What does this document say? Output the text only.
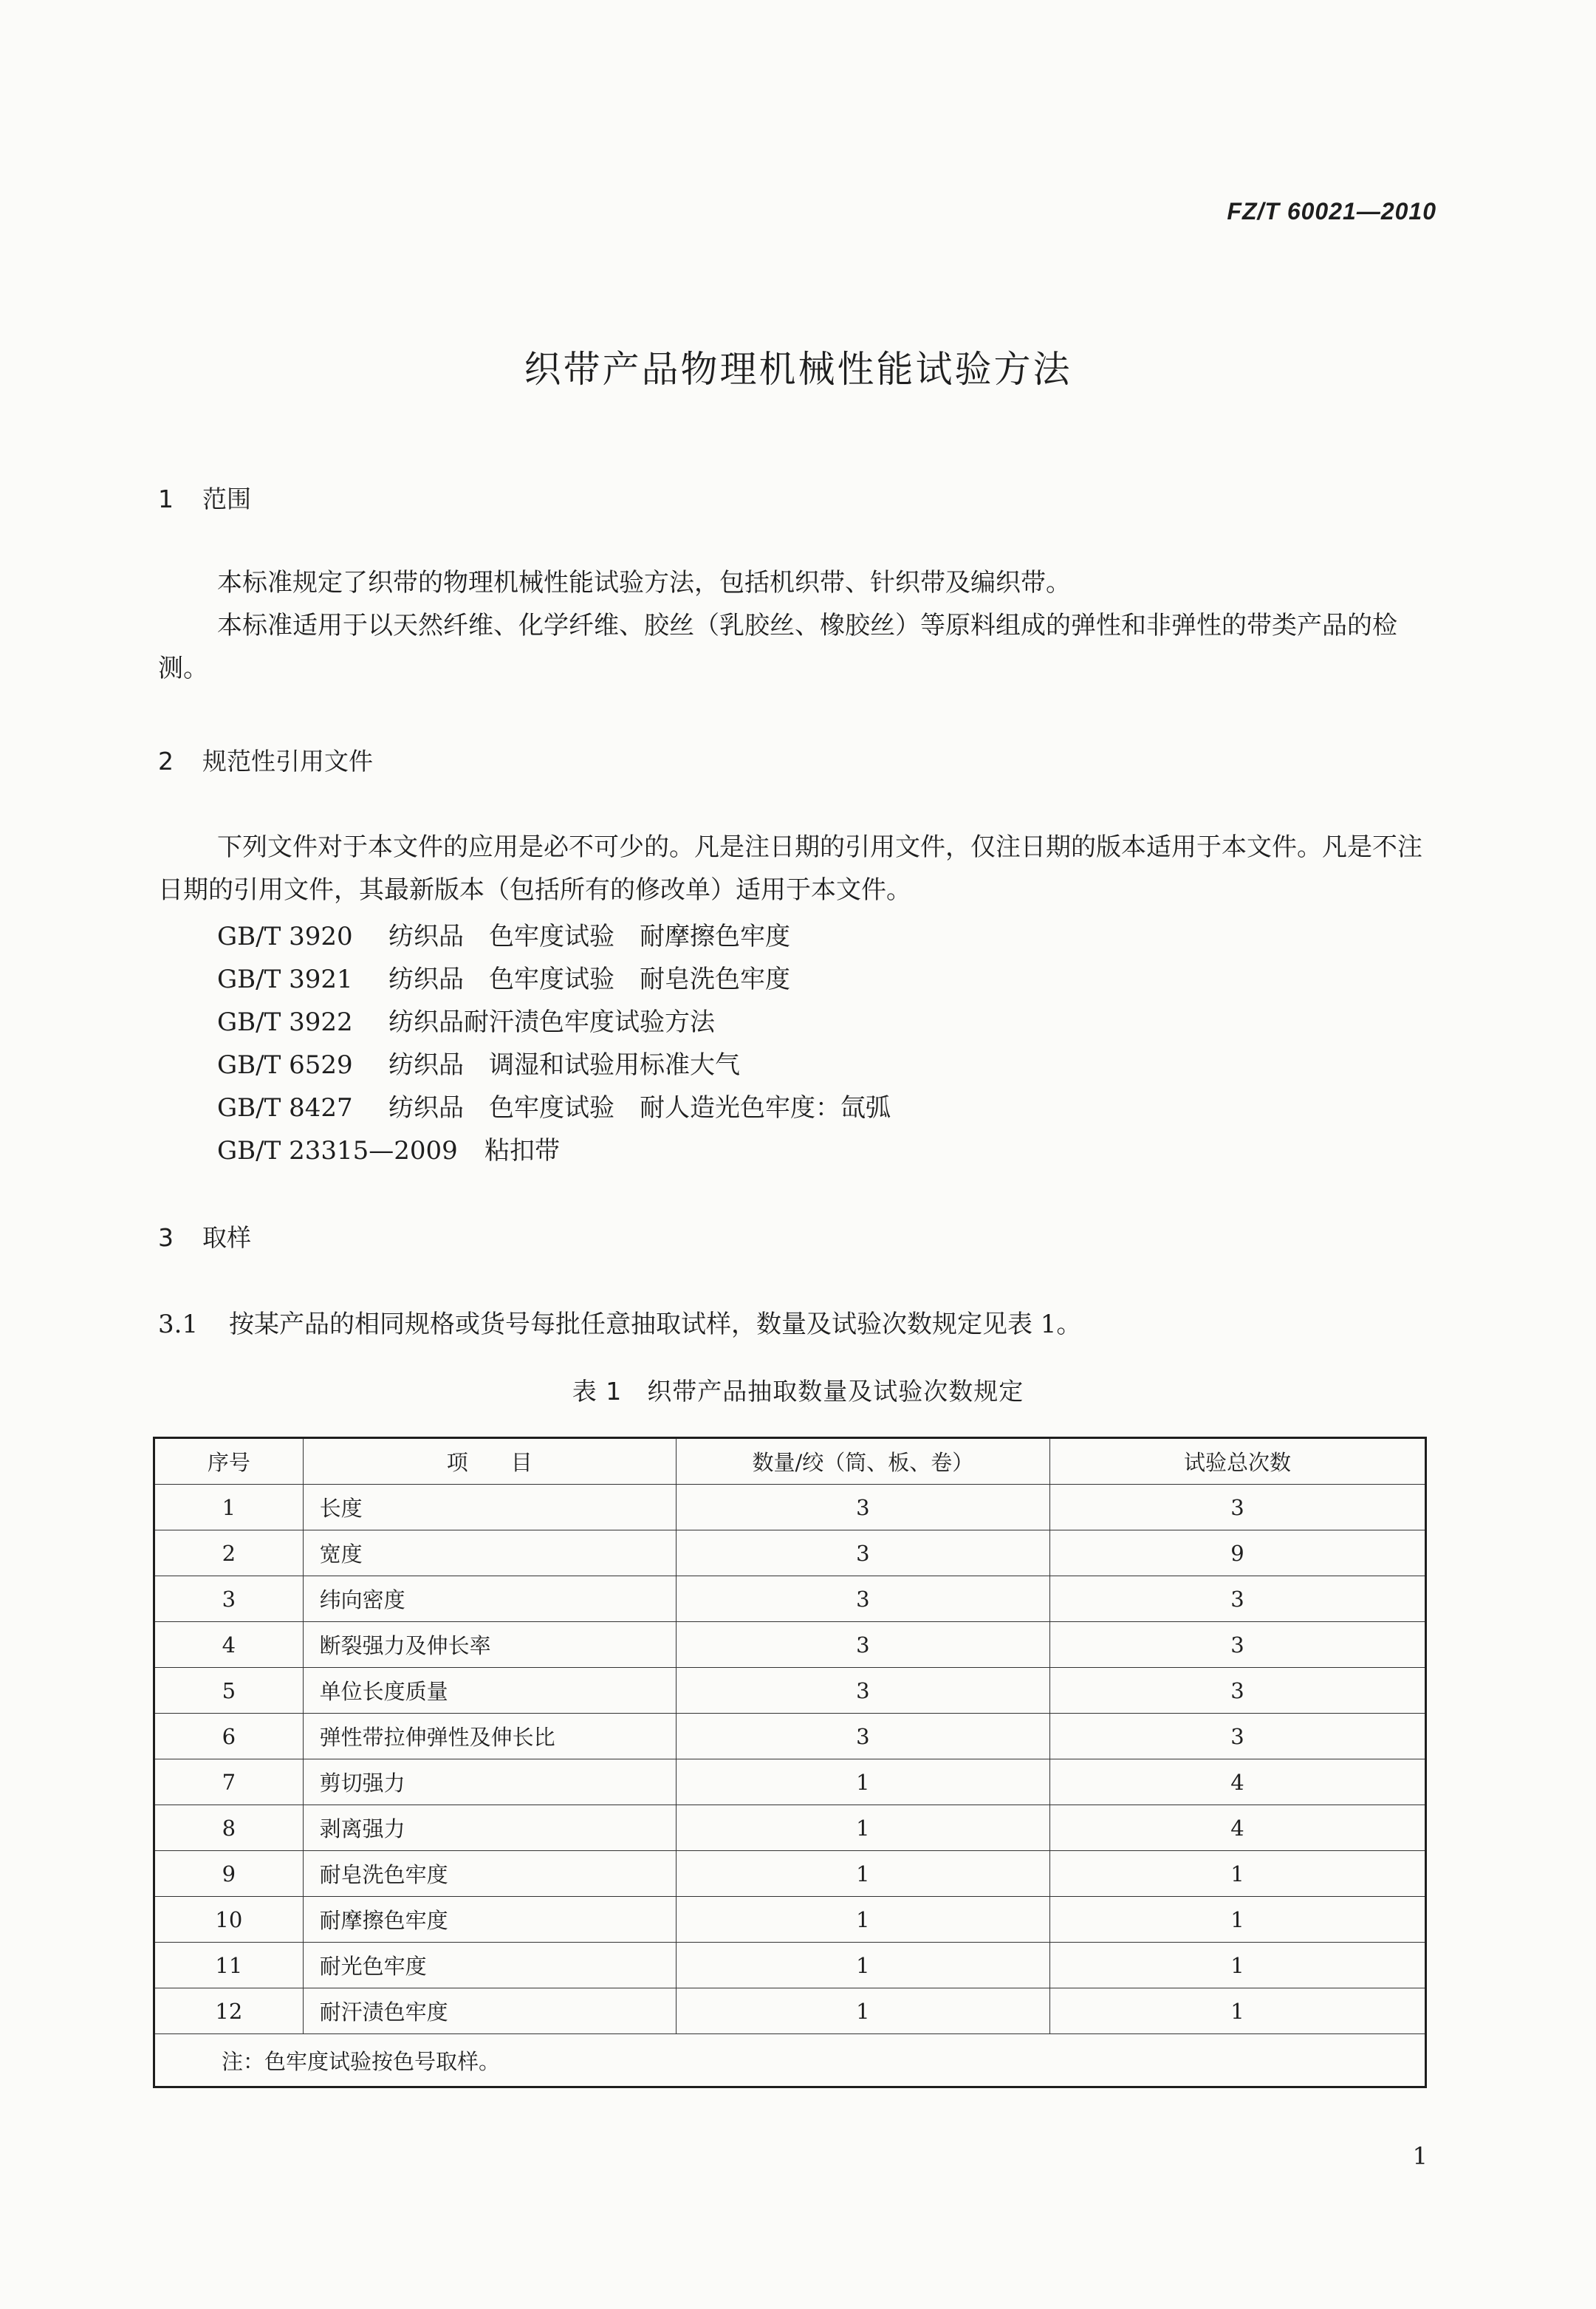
FZ/T 60021—2010
织带产品物理机械性能试验方法
1 范围
本标准规定了织带的物理机械性能试验方法，包括机织带、针织带及编织带。
本标准适用于以天然纤维、化学纤维、胶丝（乳胶丝、橡胶丝）等原料组成的弹性和非弹性的带类产品的检测。
2 规范性引用文件
下列文件对于本文件的应用是必不可少的。凡是注日期的引用文件，仅注日期的版本适用于本文件。凡是不注日期的引用文件，其最新版本（包括所有的修改单）适用于本文件。
GB/T 3920 纺织品 色牢度试验 耐摩擦色牢度
GB/T 3921 纺织品 色牢度试验 耐皂洗色牢度
GB/T 3922 纺织品耐汗渍色牢度试验方法
GB/T 6529 纺织品 调湿和试验用标准大气
GB/T 8427 纺织品 色牢度试验 耐人造光色牢度：氙弧
GB/T 23315—2009 粘扣带
3 取样
3.1 按某产品的相同规格或货号每批任意抽取试样，数量及试验次数规定见表 1。
表 1　织带产品抽取数量及试验次数规定
序号	项　　目	数量/绞（筒、板、卷）	试验总次数
1	长度	3	3
2	宽度	3	9
3	纬向密度	3	3
4	断裂强力及伸长率	3	3
5	单位长度质量	3	3
6	弹性带拉伸弹性及伸长比	3	3
7	剪切强力	1	4
8	剥离强力	1	4
9	耐皂洗色牢度	1	1
10	耐摩擦色牢度	1	1
11	耐光色牢度	1	1
12	耐汗渍色牢度	1	1
注：色牢度试验按色号取样。			
1
